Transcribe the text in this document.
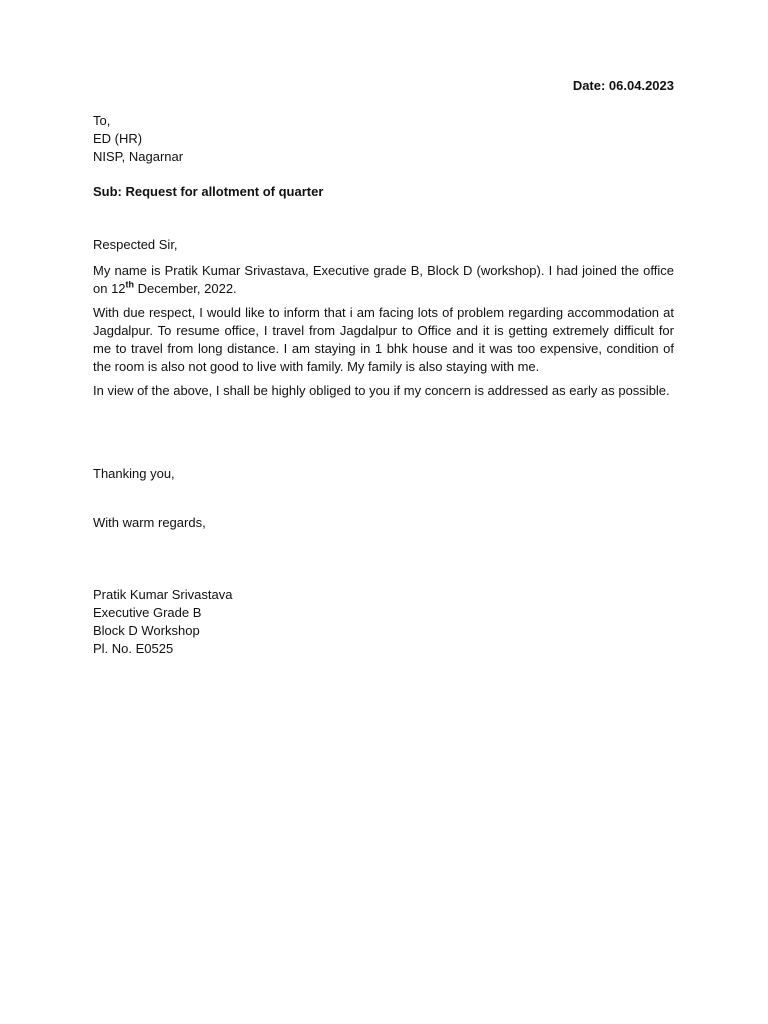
Date: 06.04.2023
To,
ED (HR)
NISP, Nagarnar
Sub: Request for allotment of quarter

Respected Sir,

My name is Pratik Kumar Srivastava, Executive grade B, Block D (workshop). I had joined the office on 12th December, 2022.

With due respect, I would like to inform that i am facing lots of problem regarding accommodation at Jagdalpur. To resume office, I travel from Jagdalpur to Office and it is getting extremely difficult for me to travel from long distance. I am staying in 1 bhk house and it was too expensive, condition of the room is also not good to live with family. My family is also staying with me.

In view of the above, I shall be highly obliged to you if my concern is addressed as early as possible.

Thanking you,
With warm regards,
Pratik Kumar Srivastava
Executive Grade B
Block D Workshop
Pl. No. E0525
